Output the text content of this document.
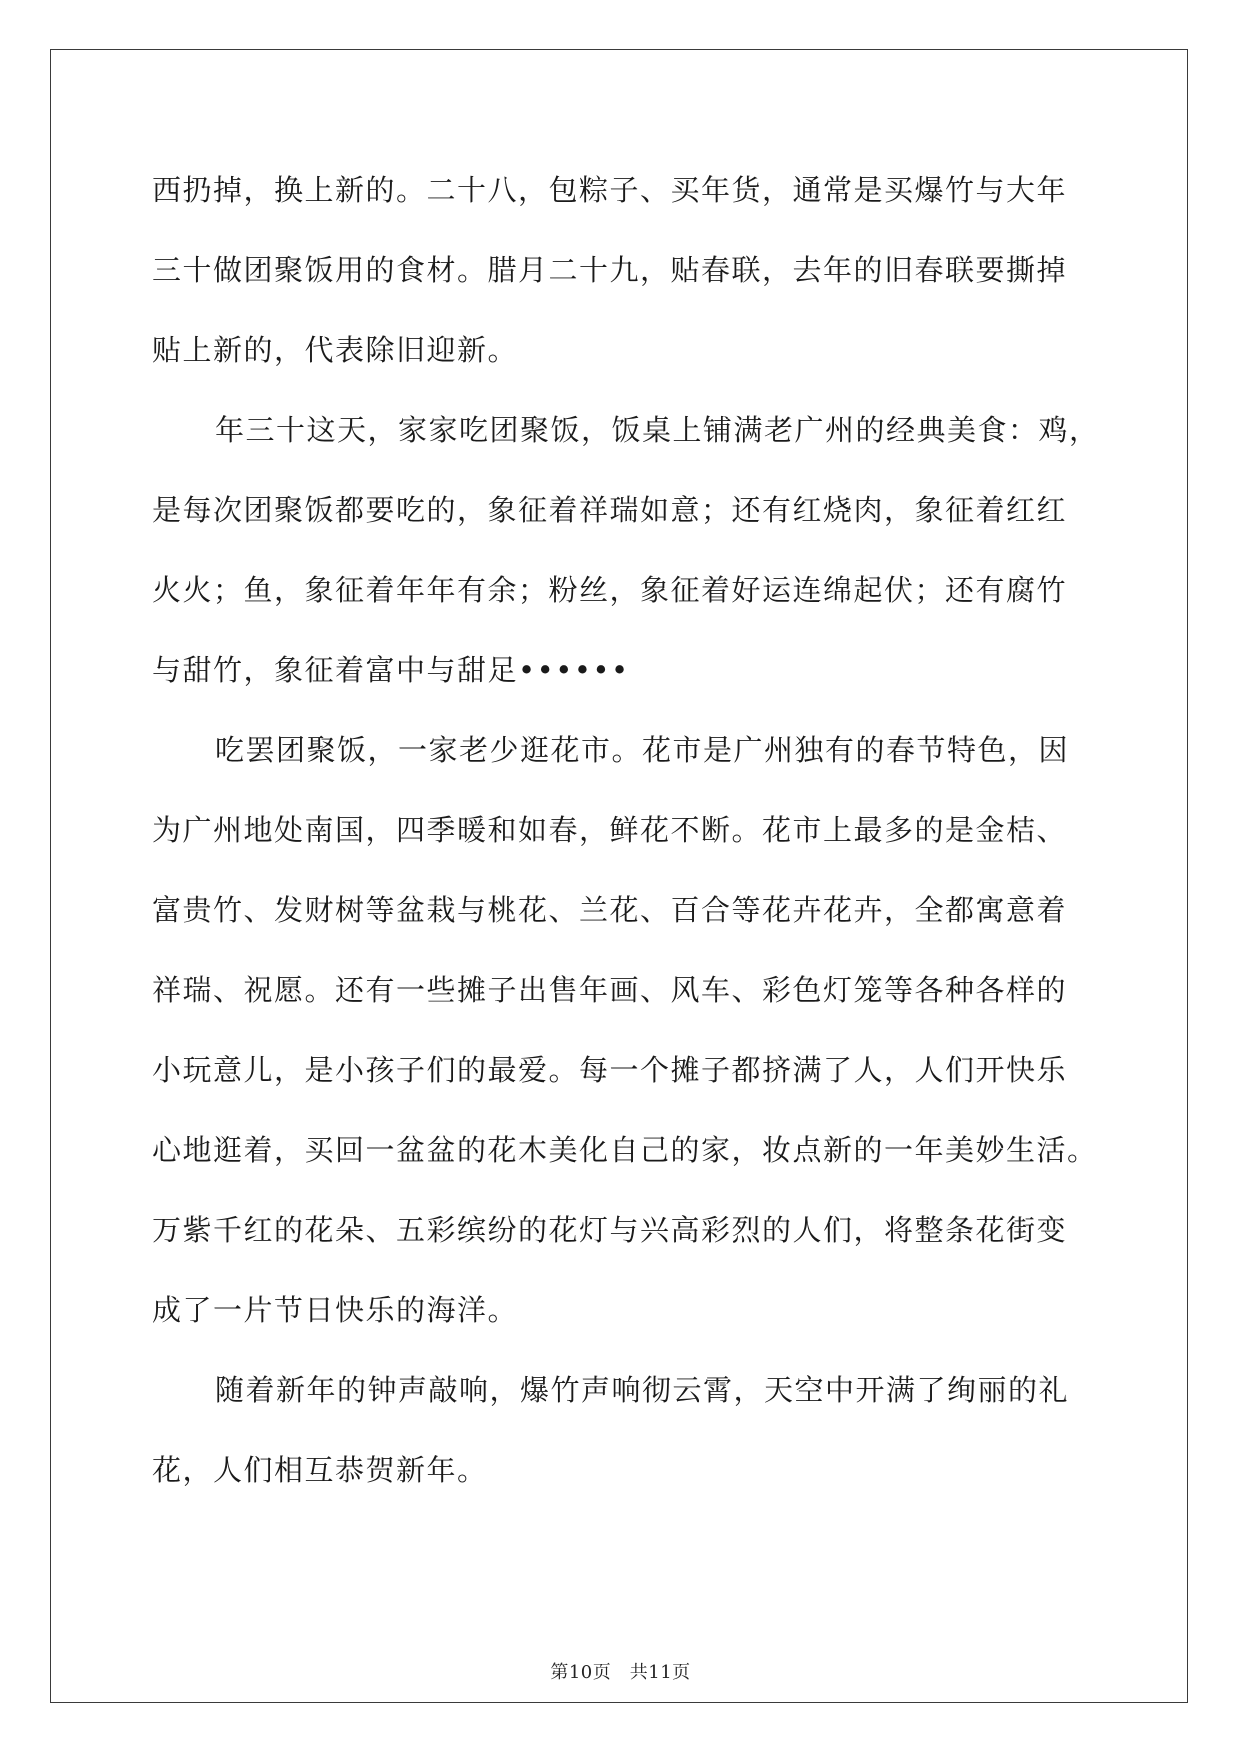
西扔掉，换上新的。二十八，包粽子、买年货，通常是买爆竹与大年
三十做团聚饭用的食材。腊月二十九，贴春联，去年的旧春联要撕掉
贴上新的，代表除旧迎新。
年三十这天，家家吃团聚饭，饭桌上铺满老广州的经典美食：鸡，
是每次团聚饭都要吃的，象征着祥瑞如意；还有红烧肉，象征着红红
火火；鱼，象征着年年有余；粉丝，象征着好运连绵起伏；还有腐竹
与甜竹，象征着富中与甜足••••••
吃罢团聚饭，一家老少逛花市。花市是广州独有的春节特色，因
为广州地处南国，四季暖和如春，鲜花不断。花市上最多的是金桔、
富贵竹、发财树等盆栽与桃花、兰花、百合等花卉花卉，全都寓意着
祥瑞、祝愿。还有一些摊子出售年画、风车、彩色灯笼等各种各样的
小玩意儿，是小孩子们的最爱。每一个摊子都挤满了人，人们开快乐
心地逛着，买回一盆盆的花木美化自己的家，妆点新的一年美妙生活。
万紫千红的花朵、五彩缤纷的花灯与兴高彩烈的人们，将整条花街变
成了一片节日快乐的海洋。
随着新年的钟声敲响，爆竹声响彻云霄，天空中开满了绚丽的礼
花，人们相互恭贺新年。
第10页　共11页
